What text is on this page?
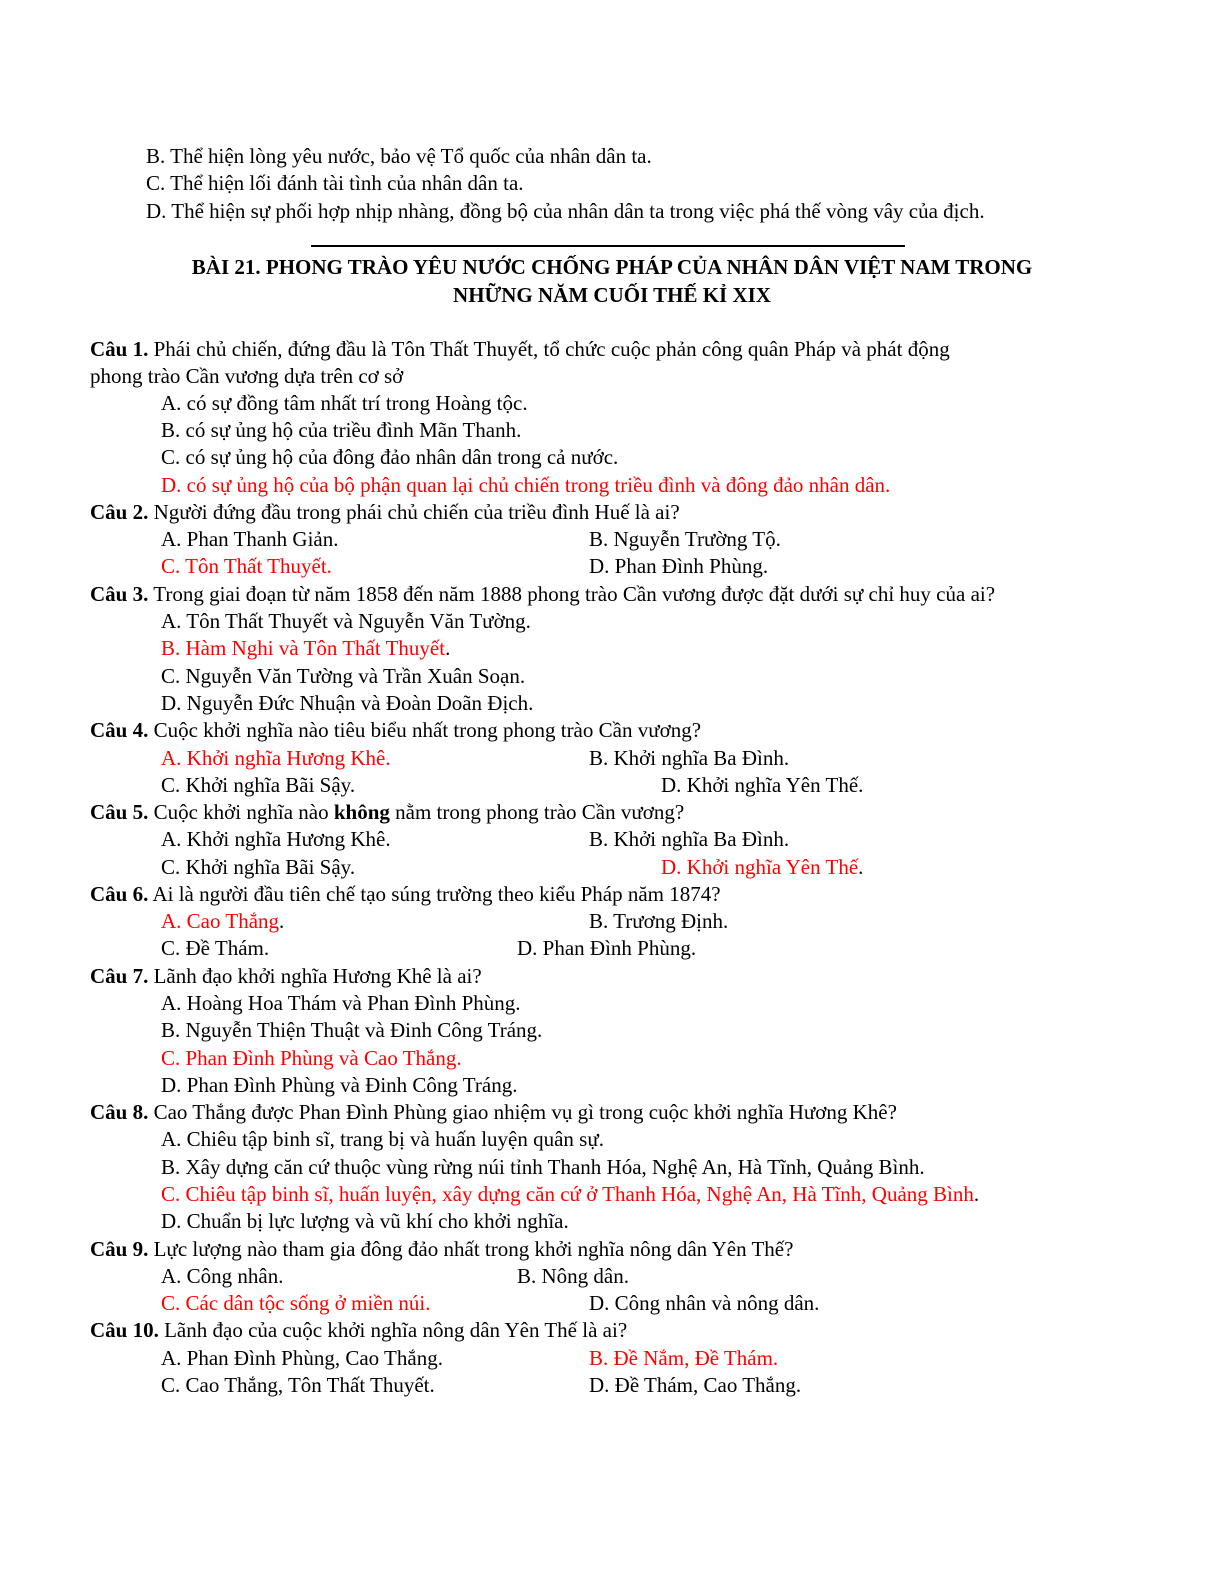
B. Thể hiện lòng yêu nước, bảo vệ Tổ quốc của nhân dân ta.
C. Thể hiện lối đánh tài tình của nhân dân ta.
D. Thể hiện sự phối hợp nhịp nhàng, đồng bộ của nhân dân ta trong việc phá thế vòng vây của địch.
BÀI 21. PHONG TRÀO YÊU NƯỚC CHỐNG PHÁP CỦA NHÂN DÂN VIỆT NAM TRONG
NHỮNG NĂM CUỐI THẾ KỈ XIX
Câu 1. Phái chủ chiến, đứng đầu là Tôn Thất Thuyết, tổ chức cuộc phản công quân Pháp và phát động
phong trào Cần vương dựa trên cơ sở
A. có sự đồng tâm nhất trí trong Hoàng tộc.
B. có sự ủng hộ của triều đình Mãn Thanh.
C. có sự ủng hộ của đông đảo nhân dân trong cả nước.
D. có sự ủng hộ của bộ phận quan lại chủ chiến trong triều đình và đông đảo nhân dân.
Câu 2. Người đứng đầu trong phái chủ chiến của triều đình Huế là ai?
A. Phan Thanh Giản.	B. Nguyễn Trường Tộ.
C. Tôn Thất Thuyết.	D. Phan Đình Phùng.
Câu 3. Trong giai đoạn từ năm 1858 đến năm 1888 phong trào Cần vương được đặt dưới sự chỉ huy của ai?
A. Tôn Thất Thuyết và Nguyễn Văn Tường.
B. Hàm Nghi và Tôn Thất Thuyết.
C. Nguyễn Văn Tường và Trần Xuân Soạn.
D. Nguyễn Đức Nhuận và Đoàn Doãn Địch.
Câu 4. Cuộc khởi nghĩa nào tiêu biểu nhất trong phong trào Cần vương?
A. Khởi nghĩa Hương Khê.	B. Khởi nghĩa Ba Đình.
C. Khởi nghĩa Bãi Sậy.	D. Khởi nghĩa Yên Thế.
Câu 5. Cuộc khởi nghĩa nào không nằm trong phong trào Cần vương?
A. Khởi nghĩa Hương Khê.	B. Khởi nghĩa Ba Đình.
C. Khởi nghĩa Bãi Sậy.	D. Khởi nghĩa Yên Thế.
Câu 6. Ai là người đầu tiên chế tạo súng trường theo kiểu Pháp năm 1874?
A. Cao Thắng.	B. Trương Định.
C. Đề Thám.	D. Phan Đình Phùng.
Câu 7. Lãnh đạo khởi nghĩa Hương Khê là ai?
A. Hoàng Hoa Thám và Phan Đình Phùng.
B. Nguyễn Thiện Thuật và Đinh Công Tráng.
C. Phan Đình Phùng và Cao Thắng.
D. Phan Đình Phùng và Đinh Công Tráng.
Câu 8. Cao Thắng được Phan Đình Phùng giao nhiệm vụ gì trong cuộc khởi nghĩa Hương Khê?
A. Chiêu tập binh sĩ, trang bị và huấn luyện quân sự.
B. Xây dựng căn cứ thuộc vùng rừng núi tỉnh Thanh Hóa, Nghệ An, Hà Tĩnh, Quảng Bình.
C. Chiêu tập binh sĩ, huấn luyện, xây dựng căn cứ ở Thanh Hóa, Nghệ An, Hà Tĩnh, Quảng Bình.
D. Chuẩn bị lực lượng và vũ khí cho khởi nghĩa.
Câu 9. Lực lượng nào tham gia đông đảo nhất trong khởi nghĩa nông dân Yên Thế?
A. Công nhân.	B. Nông dân.
C. Các dân tộc sống ở miền núi.	D. Công nhân và nông dân.
Câu 10. Lãnh đạo của cuộc khởi nghĩa nông dân Yên Thế là ai?
A. Phan Đình Phùng, Cao Thắng.	B. Đề Nắm, Đề Thám.
C. Cao Thắng, Tôn Thất Thuyết.	D. Đề Thám, Cao Thắng.
